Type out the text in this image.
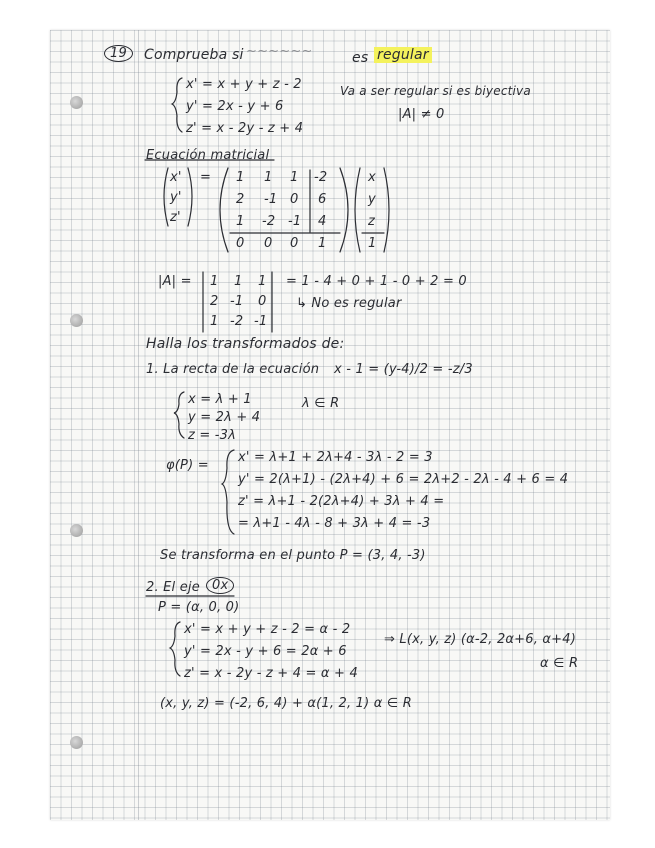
19	Comprueba si ~~~~~~	es regular
x' = x + y + z - 2
y' = 2x - y + 6
z' = x - 2y - z + 4
Va a ser regular si es biyectiva
|A| ≠ 0
Ecuación matricial
x'
y'
z'
= 1 1 1 -2
2 -1 0 6
1 -2 -1 4
0 0 0 1
x
y
z
1
|A| = 1 1 1
2 -1 0
1 -2 -1
= 1 - 4 + 0 + 1 - 0 + 2 = 0
↳ No es regular
Halla los transformados de:
1. La recta de la ecuación x - 1 = (y-4)/2 = -z/3
x = λ + 1
y = 2λ + 4
z = -3λ
λ ∈ R
φ(P) =
x' = λ+1 + 2λ+4 - 3λ - 2 = 3
y' = 2(λ+1) - (2λ+4) + 6 = 2λ+2 - 2λ - 4 + 6 = 4
z' = λ+1 - 2(2λ+4) + 3λ + 4 =
= λ+1 - 4λ - 8 + 3λ + 4 = -3
Se transforma en el punto P = (3, 4, -3)
2. El eje 0x
P = (α, 0, 0)
x' = x + y + z - 2 = α - 2
y' = 2x - y + 6 = 2α + 6
z' = x - 2y - z + 4 = α + 4
⇒ L(x, y, z) (α-2, 2α+6, α+4)
α ∈ R
(x, y, z) = (-2, 6, 4) + α(1, 2, 1) α ∈ R
